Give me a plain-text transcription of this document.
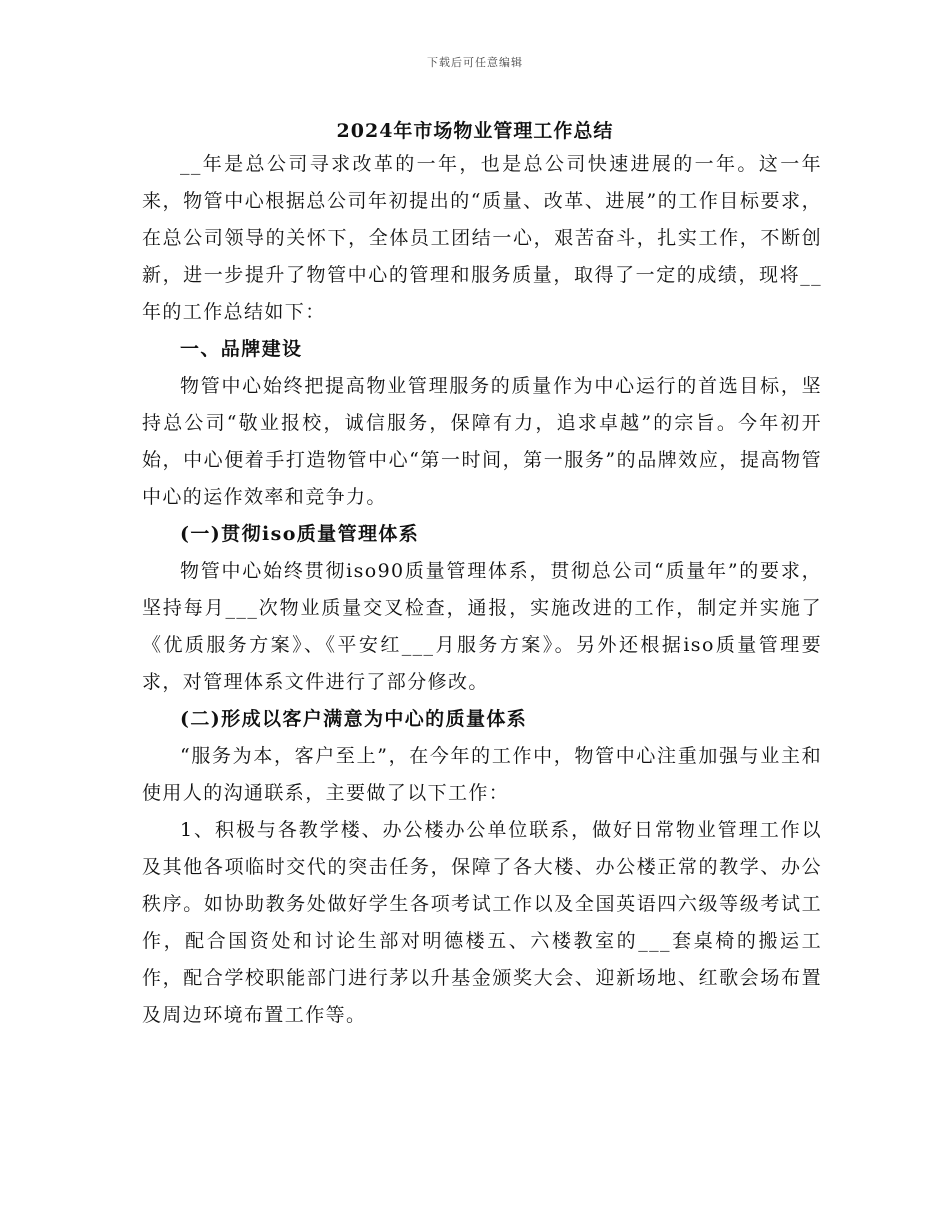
下载后可任意编辑
2024年市场物业管理工作总结

__年是总公司寻求改革的一年，也是总公司快速进展的一年。这一年来，物管中心根据总公司年初提出的“质量、改革、进展”的工作目标要求，在总公司领导的关怀下，全体员工团结一心，艰苦奋斗，扎实工作，不断创新，进一步提升了物管中心的管理和服务质量，取得了一定的成绩，现将__年的工作总结如下：

一、品牌建设

物管中心始终把提高物业管理服务的质量作为中心运行的首选目标，坚持总公司“敬业报校，诚信服务，保障有力，追求卓越”的宗旨。今年初开始，中心便着手打造物管中心“第一时间，第一服务”的品牌效应，提高物管中心的运作效率和竞争力。

(一)贯彻iso质量管理体系

物管中心始终贯彻iso90质量管理体系，贯彻总公司“质量年”的要求，坚持每月___次物业质量交叉检查，通报，实施改进的工作，制定并实施了《优质服务方案》、《平安红___月服务方案》。另外还根据iso质量管理要求，对管理体系文件进行了部分修改。

(二)形成以客户满意为中心的质量体系

“服务为本，客户至上”，在今年的工作中，物管中心注重加强与业主和使用人的沟通联系，主要做了以下工作：

1、积极与各教学楼、办公楼办公单位联系，做好日常物业管理工作以及其他各项临时交代的突击任务，保障了各大楼、办公楼正常的教学、办公秩序。如协助教务处做好学生各项考试工作以及全国英语四六级等级考试工作，配合国资处和讨论生部对明德楼五、六楼教室的___套桌椅的搬运工作，配合学校职能部门进行茅以升基金颁奖大会、迎新场地、红歌会场布置及周边环境布置工作等。
